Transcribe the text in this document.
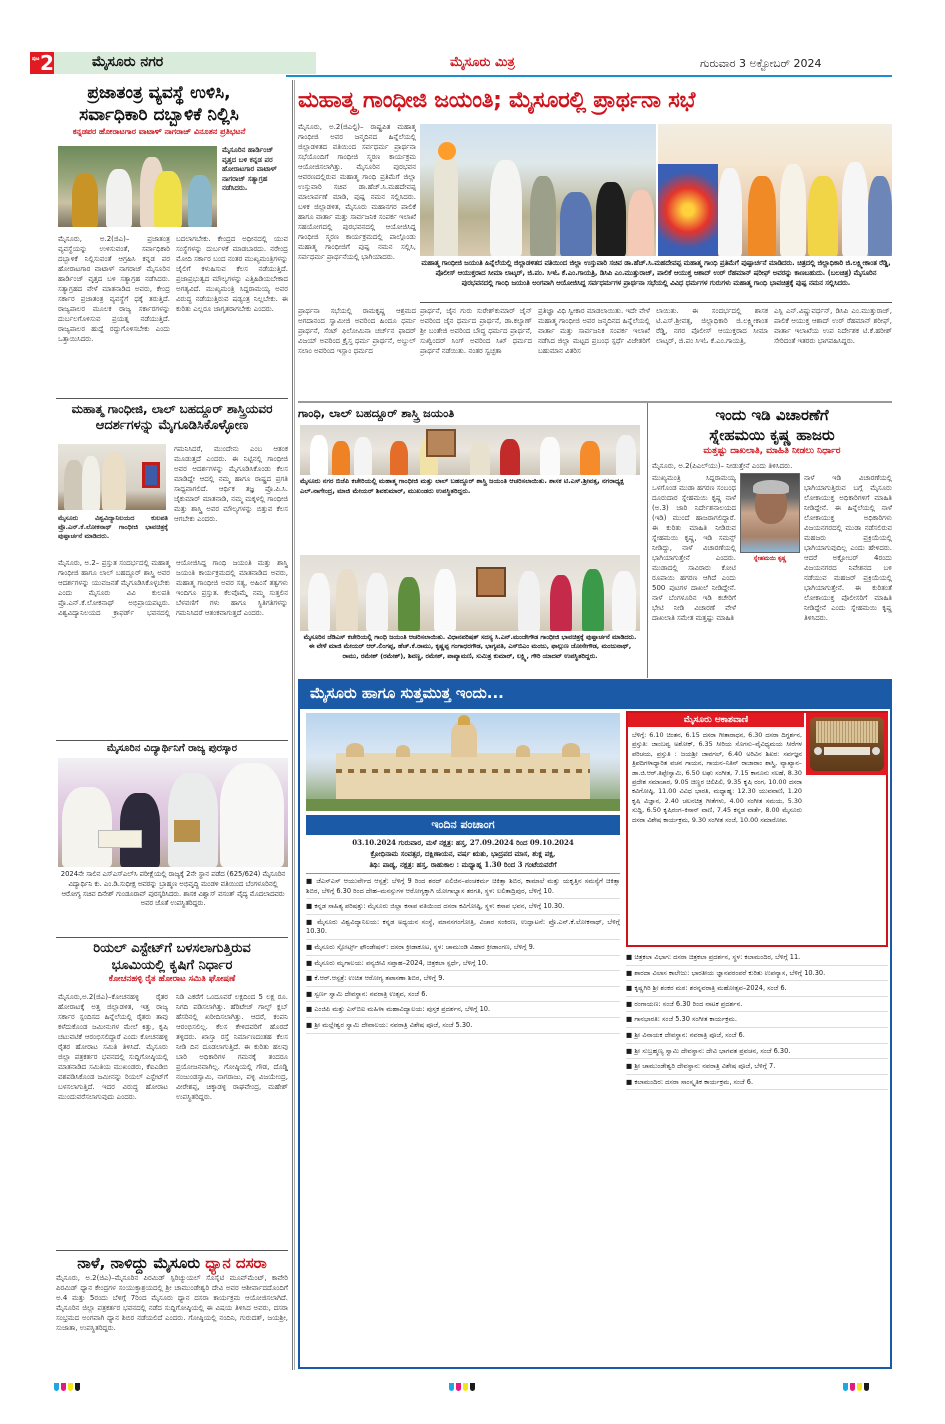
ಪುಟ 2	ಮೈಸೂರು ನಗರ	ಮೈಸೂರು ಮಿತ್ರ	ಗುರುವಾರ 3 ಅಕ್ಟೋಬರ್ 2024
ಪ್ರಜಾತಂತ್ರ ವ್ಯವಸ್ಥೆ ಉಳಿಸಿ,
ಸರ್ವಾಧಿಕಾರಿ ದಬ್ಬಾಳಿಕೆ ನಿಲ್ಲಿಸಿ
ಕನ್ನಡಪರ ಹೋರಾಟಗಾರ ವಾಟಾಳ್ ನಾಗರಾಜ್ ವಿನೂತನ ಪ್ರತಿಭಟನೆ
ಮೈಸೂರಿನ ಹಾರ್ಡಿಂಜ್ ವೃತ್ತದ ಬಳಿ ಕನ್ನಡ ಪರ ಹೋರಾಟಗಾರ ವಾಟಾಳ್ ನಾಗರಾಜ್ ಸತ್ಯಾಗ್ರಹ ನಡೆಸಿದರು.
ಮೈಸೂರು, ಅ.2(ಜಿಎ)– ಪ್ರಜಾತಂತ್ರ ವ್ಯವಸ್ಥೆಯನ್ನು ಉಳಿಸುವಂತೆ, ಸರ್ವಾಧಿಕಾರಿ ದಬ್ಬಾಳಿಕೆ ನಿಲ್ಲಿಸುವಂತೆ ಆಗ್ರಹಿಸಿ ಕನ್ನಡ ಪರ ಹೋರಾಟಗಾರ ವಾಟಾಳ್ ನಾಗರಾಜ್ ಮೈಸೂರಿನ ಹಾರ್ಡಿಂಜ್ ವೃತ್ತದ ಬಳಿ ಸತ್ಯಾಗ್ರಹ ನಡೆಸಿದರು. ಸತ್ಯಾಗ್ರಹದ ವೇಳೆ ಮಾತನಾಡಿದ ಅವರು, ಕೇಂದ್ರ ಸರ್ಕಾರ ಪ್ರಜಾತಂತ್ರ ವ್ಯವಸ್ಥೆಗೆ ಧಕ್ಕೆ ತರುತ್ತಿದೆ. ರಾಜ್ಯಪಾಲರ ಮೂಲಕ ರಾಜ್ಯ ಸರ್ಕಾರಗಳನ್ನು ದುರ್ಬಲಗೊಳಿಸುವ ಪ್ರಯತ್ನ ನಡೆಯುತ್ತಿದೆ. ರಾಜ್ಯಪಾಲರ ಹುದ್ದೆ ರದ್ದುಗೊಳಿಸಬೇಕು ಎಂದು ಒತ್ತಾಯಿಸಿದರು.
ಬದಲಾಗಬೇಕು. ಕೇಂದ್ರದ ಅಧೀನದಲ್ಲಿ ಯುವ ಸಂಸ್ಥೆಗಳನ್ನು ದುರ್ಬಳಕೆ ಮಾಡಬಾರದು. ನರೇಂದ್ರ ಮೋದಿ ಸರ್ಕಾರ ಬಂದ ನಂತರ ಮುಖ್ಯಮಂತ್ರಿಗಳನ್ನು ಜೈಲಿಗೆ ಕಳುಹಿಸುವ ಕೆಲಸ ನಡೆಯುತ್ತಿದೆ. ಪ್ರಜಾಪ್ರಭುತ್ವದ ಮೌಲ್ಯಗಳನ್ನು ಎತ್ತಿಹಿಡಿಯಬೇಕಾದ ಅಗತ್ಯವಿದೆ. ಮುಖ್ಯಮಂತ್ರಿ ಸಿದ್ದರಾಮಯ್ಯ ಅವರ ವಿರುದ್ಧ ನಡೆಯುತ್ತಿರುವ ಷಡ್ಯಂತ್ರ ನಿಲ್ಲಬೇಕು. ಈ ಕುರಿತು ಎಲ್ಲರೂ ಜಾಗೃತರಾಗಬೇಕು ಎಂದರು.
ಮಹಾತ್ಮ ಗಾಂಧೀಜಿ, ಲಾಲ್ ಬಹದ್ದೂರ್ ಶಾಸ್ತ್ರಿಯವರ
ಆದರ್ಶಗಳನ್ನು ಮೈಗೂಡಿಸಿಕೊಳ್ಳೋಣ
ಗಮನಿಸಿದರೆ, ಮುಂದೇನು ಎಂಬ ಆತಂಕ ಮೂಡುತ್ತದೆ ಎಂದರು. ಈ ನಿಟ್ಟಿನಲ್ಲಿ ಗಾಂಧೀಜಿ ಅವರ ಆದರ್ಶಗಳನ್ನು ಮೈಗೂಡಿಸಿಕೊಂಡು ಕೆಲಸ ಮಾಡಿದ್ದೇ ಆದಲ್ಲಿ ನಮ್ಮ ಹಾಗೂ ರಾಷ್ಟ್ರದ ಪ್ರಗತಿ ಸಾಧ್ಯವಾಗಲಿದೆ. ಆರ್ಥಿಕ ತಜ್ಞ ಪ್ರೊ.ಪಿ.ಸಿ. ಜೈಕುಮಾರ್ ಮಾತನಾಡಿ, ನಮ್ಮ ಮಕ್ಕಳಲ್ಲಿ ಗಾಂಧೀಜಿ ಮತ್ತು ಶಾಸ್ತ್ರಿ ಅವರ ಮೌಲ್ಯಗಳನ್ನು ಬಿತ್ತುವ ಕೆಲಸ ಆಗಬೇಕು ಎಂದರು.
ಮೈಸೂರು ವಿಶ್ವವಿದ್ಯಾನಿಲಯದ ಕುಲಪತಿ ಪ್ರೊ.ಎನ್.ಕೆ.ಲೋಕನಾಥ್ ಗಾಂಧೀಜಿ ಭಾವಚಿತ್ರಕ್ಕೆ ಪುಷ್ಪಾರ್ಚನೆ ಮಾಡಿದರು.
ಮೈಸೂರು, ಅ.2– ಪ್ರಸ್ತುತ ಸಂದರ್ಭದಲ್ಲಿ ಮಹಾತ್ಮ ಗಾಂಧೀಜಿ ಹಾಗೂ ಲಾಲ್ ಬಹದ್ದೂರ್ ಶಾಸ್ತ್ರಿ ಅವರ ಆದರ್ಶಗಳನ್ನು ಯುವಜನತೆ ಮೈಗೂಡಿಸಿಕೊಳ್ಳಬೇಕು ಎಂದು ಮೈಸೂರು ವಿವಿ ಕುಲಪತಿ ಪ್ರೊ.ಎನ್.ಕೆ.ಲೋಕನಾಥ್ ಅಭಿಪ್ರಾಯಪಟ್ಟರು. ವಿಶ್ವವಿದ್ಯಾನಿಲಯದ ಕ್ರಾಫರ್ಡ್ ಭವನದಲ್ಲಿ ಆಯೋಜಿಸಿದ್ದ ಗಾಂಧಿ ಜಯಂತಿ ಮತ್ತು ಶಾಸ್ತ್ರಿ ಜಯಂತಿ ಕಾರ್ಯಕ್ರಮದಲ್ಲಿ ಮಾತನಾಡಿದ ಅವರು, ಮಹಾತ್ಮ ಗಾಂಧೀಜಿ ಅವರ ಸತ್ಯ, ಅಹಿಂಸೆ ತತ್ವಗಳು ಇಂದಿಗೂ ಪ್ರಸ್ತುತ. ಕೆಲವೊಮ್ಮೆ ನಮ್ಮ ಸುತ್ತಲಿನ ಬೆಳವಣಿಗೆ ಗಳು ಹಾಗೂ ಸ್ಥಿತಿಗತಿಗಳನ್ನು ಗಮನಿಸಿದರೆ ಆತಂಕವಾಗುತ್ತದೆ ಎಂದರು.
ಮೈಸೂರಿನ ವಿದ್ಯಾರ್ಥಿನಿಗೆ ರಾಜ್ಯ ಪುರಸ್ಕಾರ
2024ನೇ ಸಾಲಿನ ಎಸ್‌ಎಸ್‌ಎಲ್‌ಸಿ ಪರೀಕ್ಷೆಯಲ್ಲಿ ರಾಜ್ಯಕ್ಕೆ 2ನೇ ಸ್ಥಾನ ಪಡೆದ (625/624) ಮೈಸೂರಿನ ವಿದ್ಯಾರ್ಥಿನಿ ಕು. ಎಂ.ಡಿ.ಸುಧೀಕ್ಷ ಅವರನ್ನು ಬ್ರಾಹ್ಮಣ ಅಭಿವೃದ್ಧಿ ಮಂಡಳಿ ವತಿಯಿಂದ ಬೆಂಗಳೂರಿನಲ್ಲಿ ಆರೋಗ್ಯ ಸಚಿವ ದಿನೇಶ್ ಗುಂಡೂರಾವ್ ಪುರಸ್ಕರಿಸಿದರು. ಶಾಸಕ ವಿಶ್ವಾಸ್ ವಸಂತ್ ವೈದ್ಯ ಮೊದಲಾದವರು ಅವರ ಜೊತೆ ಉಪಸ್ಥಿತರಿದ್ದರು.
ರಿಯಲ್ ಎಸ್ಟೇಟ್‌ಗೆ ಬಳಸಲಾಗುತ್ತಿರುವ
ಭೂಮಿಯಲ್ಲಿ ಕೃಷಿಗೆ ನಿರ್ಧಾರ
ಕೋಚನಹಳ್ಳಿ ರೈತ ಹೋರಾಟ ಸಮಿತಿ ಘೋಷಣೆ
ಮೈಸೂರು,ಅ.2(ಜಿಎ)–ಕೋಚನಹಳ್ಳಿ ರೈತರ ಹೋರಾಟಕ್ಕೆ ಅತ್ತ ಜಿಲ್ಲಾಡಳಿತ, ಇತ್ತ ರಾಜ್ಯ ಸರ್ಕಾರ ಸ್ಪಂದಿಸದ ಹಿನ್ನೆಲೆಯಲ್ಲಿ ರೈತರು ತಾವು ಕಳೆದುಕೊಂಡ ಜಮೀನುಗಳ ಮೇಲೆ ಕಿತ್ತು, ಕೃಷಿ ಚಟುವಟಿಕೆ ಆರಂಭಿಸಲಿದ್ದಾರೆ ಎಂದು ಕೋಚನಹಳ್ಳಿ ರೈತರ ಹೋರಾಟ ಸಮಿತಿ ತಿಳಿಸಿದೆ. ಮೈಸೂರು ಜಿಲ್ಲಾ ಪತ್ರಕರ್ತರ ಭವನದಲ್ಲಿ ಸುದ್ದಿಗೋಷ್ಠಿಯಲ್ಲಿ ಮಾತನಾಡಿದ ಸಮಿತಿಯ ಮುಖಂಡರು, ಕೆಐಎಡಿಬಿ ವಶಪಡಿಸಿಕೊಂಡ ಜಮೀನನ್ನು ರಿಯಲ್ ಎಸ್ಟೇಟ್‌ಗೆ ಬಳಸಲಾಗುತ್ತಿದೆ. ಇದರ ವಿರುದ್ಧ ಹೋರಾಟ ಮುಂದುವರೆಸಲಾಗುವುದು ಎಂದರು.
ನಿಡಿ ಎಕರೆಗೆ ಒಂದೂವರೆ ಲಕ್ಷದಿಂದ 5 ಲಕ್ಷ ರೂ. ನಿಗದಿ ಪಡಿಸಲಾಗಿತ್ತು. ಹೆರಿಟೇಜ್ ಗಾಲ್ಫ್ ಕ್ಲಬ್ ಹೆಸರಿನಲ್ಲಿ ಖರೀದಿಸಲಾಗಿತ್ತು. ಆದರೆ, ಕಂಪನಿ ಆರಂಭಿಸಲಿಲ್ಲ. ಕೆಲಸ ಕೇಳಿದವರಿಗೆ ಹೊರದೆ ತಳ್ಳಿದರು. ಖಾಸ್ತಾ ರಸ್ತೆ ನಿರ್ಮಾಣದಂತಹ ಕೆಲಸ ನೀಡಿ ದಿನ ದೂಡಲಾಗುತ್ತಿದೆ. ಈ ಕುರಿತು ಹಲವು ಬಾರಿ ಅಧಿಕಾರಿಗಳ ಗಮನಕ್ಕೆ ತಂದರೂ ಪ್ರಯೋಜನವಾಗಿಲ್ಲ. ಗೋಷ್ಠಿಯಲ್ಲಿ ಗೌಡ, ದೊಡ್ಡಿ ನಂಜುಂಡಸ್ವಾಮಿ, ನಾಗರಾಜು, ಪಳ್ಳಿ ವಿಜಯೇಂದ್ರ, ವೀರೇಶಪ್ಪ, ಚಿಕ್ಕಾಡಳ್ಳಿ ರಾಘವೇಂದ್ರ, ಮಹೇಶ್ ಉಪಸ್ಥಿತರಿದ್ದರು.
ನಾಳೆ, ನಾಳಿದ್ದು ಮೈಸೂರು ಧ್ಯಾನ ದಸರಾ
ಮೈಸೂರು, ಅ.2(ಜಿಎ)–ಮೈಸೂರಿನ ಪಿರಮಿಡ್ ಸ್ಪಿರಿಚ್ಯುಯಲ್ ಸೊಸೈಟಿ ಮೂವ್‌ಮೆಂಟ್, ಕಾವೇರಿ ಪಿರಮಿಡ್ ಧ್ಯಾನ ಕೇಂದ್ರಗಳ ಸಂಯುಕ್ತಾಶ್ರಯದಲ್ಲಿ ಶ್ರೀ ಚಾಮುಂಡೇಶ್ವರಿ ದೇವಿ ಅವರ ಆಶೀರ್ವಾದದೊಂದಿಗೆ ಅ.4 ಮತ್ತು 5ರಂದು ಬೆಳಿಗ್ಗೆ 7ರಿಂದ ಮೈಸೂರು ಧ್ಯಾನ ದಸರಾ ಕಾರ್ಯಕ್ರಮ ಆಯೋಜಿಸಲಾಗಿದೆ. ಮೈಸೂರಿನ ಜಿಲ್ಲಾ ಪತ್ರಕರ್ತರ ಭವನದಲ್ಲಿ ನಡೆದ ಸುದ್ದಿಗೋಷ್ಠಿಯಲ್ಲಿ ಈ ವಿಷಯ ತಿಳಿಸಿದ ಅವರು, ದಸರಾ ಸಂಭ್ರಮದ ಅಂಗವಾಗಿ ಧ್ಯಾನ ಶಿಬಿರ ನಡೆಯಲಿದೆ ಎಂದರು. ಗೋಷ್ಠಿಯಲ್ಲಿ ನಂದಿನಿ, ಗುರುದತ್, ಜಯಶ್ರೀ, ಸುಜಾತಾ, ಉಪಸ್ಥಿತರಿದ್ದರು.
ಮಹಾತ್ಮ ಗಾಂಧೀಜಿ ಜಯಂತಿ; ಮೈಸೂರಲ್ಲಿ ಪ್ರಾರ್ಥನಾ ಸಭೆ
ಮೈಸೂರು, ಅ.2(ಜಿಎಲ್ಟಿ)– ರಾಷ್ಟ್ರಪಿತ ಮಹಾತ್ಮ ಗಾಂಧೀಜಿ ಅವರ ಜನ್ಮದಿನದ ಹಿನ್ನೆಲೆಯಲ್ಲಿ ಜಿಲ್ಲಾಡಳಿತದ ವತಿಯಿಂದ ಸರ್ವಧರ್ಮ ಪ್ರಾರ್ಥನಾ ಸಭೆಯೊಂದಿಗೆ ಗಾಂಧೀಜಿ ಸ್ಮರಣ ಕಾರ್ಯಕ್ರಮ ಆಯೋಜಿಸಲಾಗಿತ್ತು. ಮೈಸೂರಿನ ಪುರಭವನ ಆವರಣದಲ್ಲಿರುವ ಮಹಾತ್ಮ ಗಾಂಧಿ ಪ್ರತಿಮೆಗೆ ಜಿಲ್ಲಾ ಉಸ್ತುವಾರಿ ಸಚಿವ ಡಾ.ಹೆಚ್.ಸಿ.ಮಹದೇವಪ್ಪ ಮಾಲಾರ್ಪಣೆ ಮಾಡಿ, ಪುಷ್ಪ ನಮನ ಸಲ್ಲಿಸಿದರು. ಬಳಿಕ ಜಿಲ್ಲಾಡಳಿತ, ಮೈಸೂರು ಮಹಾನಗರ ಪಾಲಿಕೆ ಹಾಗೂ ವಾರ್ತಾ ಮತ್ತು ಸಾರ್ವಜನಿಕ ಸಂಪರ್ಕ ಇಲಾಖೆ ಸಹಯೋಗದಲ್ಲಿ ಪುರಭವನದಲ್ಲಿ ಆಯೋಜಿಸಿದ್ದ ಗಾಂಧೀಜಿ ಸ್ಮರಣ ಕಾರ್ಯಕ್ರಮದಲ್ಲಿ ಪಾಲ್ಗೊಂಡು ಮಹಾತ್ಮ ಗಾಂಧೀಜಿಗೆ ಪುಷ್ಪ ನಮನ ಸಲ್ಲಿಸಿ, ಸರ್ವಧರ್ಮ ಪ್ರಾರ್ಥನೆಯಲ್ಲಿ ಭಾಗಿಯಾದರು.
ಮಹಾತ್ಮ ಗಾಂಧೀಜಿ ಜಯಂತಿ ಹಿನ್ನೆಲೆಯಲ್ಲಿ ಜಿಲ್ಲಾಡಳಿತದ ವತಿಯಿಂದ ಜಿಲ್ಲಾ ಉಸ್ತುವಾರಿ ಸಚಿವ ಡಾ.ಹೆಚ್.ಸಿ.ಮಹದೇವಪ್ಪ ಮಹಾತ್ಮ ಗಾಂಧಿ ಪ್ರತಿಮೆಗೆ ಪುಷ್ಪಾರ್ಚನೆ ಮಾಡಿದರು. ಚಿತ್ರದಲ್ಲಿ ಜಿಲ್ಲಾಧಿಕಾರಿ ಜಿ.ಲಕ್ಷ್ಮೀಕಾಂತ ರೆಡ್ಡಿ, ಪೊಲೀಸ್ ಆಯುಕ್ತರಾದ ಸೀಮಾ ಲಾಟ್ಕರ್, ಜಿ.ಪಂ. ಸಿಇಓ ಕೆ.ಎಂ.ಗಾಯತ್ರಿ, ಡಿಸಿಪಿ ಎಂ.ಮುತ್ತುರಾಜ್, ಪಾಲಿಕೆ ಆಯುಕ್ತ ಆಶಾದ್ ಉರ್ ರೆಹಮಾನ್ ಷರೀಫ್ ಅವರನ್ನು ಕಾಣಬಹುದು. (ಬಲಚಿತ್ರ) ಮೈಸೂರಿನ ಪುರಭವನದಲ್ಲಿ ಗಾಂಧಿ ಜಯಂತಿ ಅಂಗವಾಗಿ ಆಯೋಜಿಸಿದ್ದ ಸರ್ವಧರ್ಮಗಳ ಪ್ರಾರ್ಥನಾ ಸಭೆಯಲ್ಲಿ ವಿವಿಧ ಧರ್ಮಗಳ ಗುರುಗಳು ಮಹಾತ್ಮ ಗಾಂಧಿ ಭಾವಚಿತ್ರಕ್ಕೆ ಪುಷ್ಪ ನಮನ ಸಲ್ಲಿಸಿದರು.
ಪ್ರಾರ್ಥನಾ ಸಭೆಯಲ್ಲಿ ರಾಮಕೃಷ್ಣ ಆಶ್ರಮದ ಅಗದಾನಂದ ಸ್ವಾಮೀಜಿ ಅವರಿಂದ ಹಿಂದೂ ಧರ್ಮ ಪ್ರಾರ್ಥನೆ, ಸೆಂಟ್ ಫಿಲೋಮಿನಾ ಚರ್ಚ್‌ನ ಫಾದರ್ ವಿಜಯ್ ಅವರಿಂದ ಕ್ರೈಸ್ತ ಧರ್ಮ ಪ್ರಾರ್ಥನೆ, ಅಬ್ದುಲ್ ಸಲಾಂ ಅವರಿಂದ ಇಸ್ಲಾಂ ಧರ್ಮದ
ಪ್ರಾರ್ಥನೆ, ಜೈನ ಗುರು ಸುರೇಶ್‌ಕುಮಾರ್ ಜೈನ್ ಅವರಿಂದ ಜೈನ ಧರ್ಮದ ಪ್ರಾರ್ಥನೆ, ಡಾ.ಕಲ್ಯಾಣ್ ಶ್ರೀ ಬಂತೇಜಿ ಅವರಿಂದ ಬೌದ್ಧ ಧರ್ಮದ ಪ್ರಾರ್ಥನೆ, ಸುಖ್ವಿಂದರ್ ಸಿಂಗ್ ಅವರಿಂದ ಸಿಖ್ ಧರ್ಮದ ಪ್ರಾರ್ಥನೆ ನಡೆಯಿತು. ನಂತರ ಸ್ವಚ್ಛತಾ
ಪ್ರತಿಜ್ಞಾ ವಿಧಿ ಸ್ವೀಕಾರ ಮಾಡಲಾಯಿತು. ಇದೇ ವೇಳೆ ಮಹಾತ್ಮ ಗಾಂಧೀಜಿ ಅವರ ಜನ್ಮದಿನದ ಹಿನ್ನೆಲೆಯಲ್ಲಿ ವಾರ್ತಾ ಮತ್ತು ಸಾರ್ವಜನಿಕ ಸಂಪರ್ಕ ಇಲಾಖೆ ನಡೆಸಿದ ಜಿಲ್ಲಾ ಮಟ್ಟದ ಪ್ರಬಂಧ ಸ್ಪರ್ಧೆ ವಿಜೇತರಿಗೆ ಬಹುಮಾನ ವಿತರಿಸ
ಲಾಯಿತು. ಈ ಸಂದರ್ಭದಲ್ಲಿ ಶಾಸಕ ಟಿ.ಎಸ್.ಶ್ರೀವತ್ಸ, ಜಿಲ್ಲಾಧಿಕಾರಿ ಜಿ.ಲಕ್ಷ್ಮೀಕಾಂತ ರೆಡ್ಡಿ, ನಗರ ಪೊಲೀಸ್ ಆಯುಕ್ತರಾದ ಸೀಮಾ ಲಾಟ್ಕರ್, ಜಿ.ಪಂ ಸಿಇಓ ಕೆ.ಎಂ.ಗಾಯತ್ರಿ,
ಎಸ್ಪಿ ಎನ್.ವಿಷ್ಣುವರ್ಧನ್, ಡಿಸಿಪಿ ಎಂ.ಮುತ್ತುರಾಜ್, ಪಾಲಿಕೆ ಆಯುಕ್ತ ಆಶಾದ್ ಉರ್ ರೆಹಮಾನ್ ಶರೀಫ್, ವಾರ್ತಾ ಇಲಾಖೆಯ ಉಪ ನಿರ್ದೇಶಕ ಟಿ.ಕೆ.ಹರೀಶ್ ಸೇರಿದಂತೆ ಇತರರು ಭಾಗವಹಿಸಿದ್ದರು.
ಗಾಂಧಿ, ಲಾಲ್ ಬಹದ್ದೂರ್ ಶಾಸ್ತ್ರಿ ಜಯಂತಿ
ಮೈಸೂರು ನಗರ ಬಿಜೆಪಿ ಕಚೇರಿಯಲ್ಲಿ ಮಹಾತ್ಮ ಗಾಂಧೀಜಿ ಮತ್ತು ಲಾಲ್ ಬಹದ್ದೂರ್ ಶಾಸ್ತ್ರಿ ಜಯಂತಿ ಆಚರಿಸಲಾಯಿತು. ಶಾಸಕ ಟಿ.ಎಸ್.ಶ್ರೀವತ್ಸ, ನಗರಾಧ್ಯಕ್ಷ ಎಲ್.ನಾಗೇಂದ್ರ, ಮಾಜಿ ಮೇಯರ್ ಶಿವಕುಮಾರ್, ಮುಖಂಡರು ಉಪಸ್ಥಿತರಿದ್ದರು.
ಮೈಸೂರಿನ ಜೆಡಿಎಸ್ ಕಚೇರಿಯಲ್ಲಿ ಗಾಂಧಿ ಜಯಂತಿ ಆಚರಿಸಲಾಯಿತು. ವಿಧಾನಪರಿಷತ್ ಸದಸ್ಯ ಸಿ.ಎನ್.ಮಂಜೇಗೌಡ ಗಾಂಧೀಜಿ ಭಾವಚಿತ್ರಕ್ಕೆ ಪುಷ್ಪಾರ್ಚನೆ ಮಾಡಿದರು. ಈ ವೇಳೆ ಮಾಜಿ ಮೇಯರ್ ಆರ್.ಲಿಂಗಪ್ಪ, ಹೆಚ್.ಕೆ.ರಾಮು, ಕೃಷ್ಣಪ್ಪ ಗಂಗಾಧರಗೌಡ, ಭಾಗ್ಯವತಿ, ಎಸ್‌ಬಿಎಂ ಮಂಜು, ಫಾಲ್ಗುಣ ಜೋಸೇಗೌಡ, ಮಂಜುನಾಥ್, ರಾಮು, ರಮೇಶ್ (ರಮೇಶ್), ಶಿವಣ್ಣ, ರಮೇಶ್, ಪಾಪ್ಯಾಮಣಿ, ಸುಮಿತ್ರ ಕುಮಾರ್, ಲಕ್ಷ್ಮಿ, ಗೌರಿ ಯಾದವ್ ಉಪಸ್ಥಿತರಿದ್ದರು.
ಇಂದು ಇಡಿ ವಿಚಾರಣೆಗೆ
ಸ್ನೇಹಮಯಿ ಕೃಷ್ಣ ಹಾಜರು
ಮತ್ತಷ್ಟು ದಾಖಲಾತಿ, ಮಾಹಿತಿ ನೀಡಲು ನಿರ್ಧಾರ
ಮೈಸೂರು, ಅ.2(ಪಿಎಲ್‌ಯು)– ನೀಡುತ್ತೇನೆ ಎಂದು ತಿಳಿಸಿದರು.
ಸ್ನೇಹಮಯಿ ಕೃಷ್ಣ
ಮುಖ್ಯಮಂತ್ರಿ ಸಿದ್ದರಾಮಯ್ಯ ಒಳಗೊಂಡ ಮುಡಾ ಹಗರಣ ಸಂಬಂಧ ದೂರುದಾರ ಸ್ನೇಹಮಯಿ ಕೃಷ್ಣ ನಾಳೆ (ಅ.3) ಜಾರಿ ನಿರ್ದೇಶನಾಲಯದ (ಇಡಿ) ಮುಂದೆ ಹಾಜರಾಗಲಿದ್ದಾರೆ. ಈ ಕುರಿತು ಮಾಹಿತಿ ನೀಡಿರುವ ಸ್ನೇಹಮಯಿ ಕೃಷ್ಣ, ಇಡಿ ಸಮನ್ಸ್ ನೀಡಿದ್ದು, ನಾಳೆ ವಿಚಾರಣೆಯಲ್ಲಿ ಭಾಗಿಯಾಗುತ್ತೇನೆ ಎಂದರು. ಮುಡಾದಲ್ಲಿ ಸಾವಿರಾರು ಕೋಟಿ ರೂಪಾಯಿ ಹಗರಣ ಆಗಿದೆ ಎಂದು 500 ಪುಟಗಳ ದಾಖಲೆ ನೀಡಿದ್ದೇನೆ. ನಾಳೆ ಬೆಂಗಳೂರಿನ ಇಡಿ ಕಚೇರಿಗೆ ಭೇಟಿ ನೀಡಿ ವಿಚಾರಣೆ ವೇಳೆ ದಾಖಲಾತಿ ಸಮೇತ ಮತ್ತಷ್ಟು ಮಾಹಿತಿ
ನಾಳೆ ಇಡಿ ವಿಚಾರಣೆಯಲ್ಲಿ ಭಾಗಿಯಾಗುತ್ತಿರುವ ಬಗ್ಗೆ ಮೈಸೂರು ಲೋಕಾಯುಕ್ತ ಅಧಿಕಾರಿಗಳಿಗೆ ಮಾಹಿತಿ ನೀಡಿದ್ದೇನೆ. ಈ ಹಿನ್ನೆಲೆಯಲ್ಲಿ ನಾಳೆ ಲೋಕಾಯುಕ್ತ ಅಧಿಕಾರಿಗಳು ವಿಜಯನಗರದಲ್ಲಿ ಮುಡಾ ನಡೆಸಲಿರುವ ಮಹಜರು ಪ್ರಕ್ರಿಯೆಯಲ್ಲಿ ಭಾಗಿಯಾಗುವುದಿಲ್ಲ ಎಂದು ಹೇಳಿದರು. ಆದರೆ ಅಕ್ಟೋಬರ್ 4ರಂದು ವಿಜಯನಗರದ ನಿವೇಶನದ ಬಳಿ ನಡೆಯುವ ಮಹಜರ್ ಪ್ರಕ್ರಿಯೆಯಲ್ಲಿ ಭಾಗಿಯಾಗುತ್ತೇನೆ. ಈ ಕುರಿತಂತೆ ಲೋಕಾಯುಕ್ತ ಪೊಲೀಸರಿಗೆ ಮಾಹಿತಿ ನೀಡಿದ್ದೇನೆ ಎಂದು ಸ್ನೇಹಮಯಿ ಕೃಷ್ಣ ತಿಳಿಸಿದರು.
ಮೈಸೂರು ಹಾಗೂ ಸುತ್ತಮುತ್ತ ಇಂದು...
ಇಂದಿನ ಪಂಚಾಂಗ
03.10.2024 ಗುರುವಾರ, ಮಳೆ ನಕ್ಷತ್ರ: ಹಸ್ತ, 27.09.2024 ರಿಂದ 09.10.2024
ಕ್ರೋಧಿನಾಮ ಸಂವತ್ಸರ, ದಕ್ಷಿಣಾಯನ, ವರ್ಷ ಋತು, ಭಾದ್ರಪದ ಮಾಸ, ಶುಕ್ಲ ಪಕ್ಷ,
ತಿಥಿ: ಪಾಡ್ಯ, ನಕ್ಷತ್ರ: ಹಸ್ತ, ರಾಹುಕಾಲ : ಮಧ್ಯಾಹ್ನ 1.30 ರಿಂದ 3 ಗಂಟೆಯವರೆಗೆ
■ ಜೆಎಸ್ಎಸ್ ಆಯುರ್ವೇದ ಆಸ್ಪತ್ರೆ: ಬೆಳಿಗ್ಗೆ 9 ರಿಂದ ಶರದ್ ಏಲಿಜಿನ–ಪಂಚಕರ್ಮ ಚಿಕಿತ್ಸಾ ಶಿಬಿರ, ಕಾಮಾಲೆ ಮತ್ತು ಯಕೃತ್ತಿನ ಸಮಸ್ಯೆಗೆ ಚಿಕಿತ್ಸಾ ಶಿಬಿರ, ಬೆಳಿಗ್ಗೆ 6.30 ರಿಂದ ದೇಹ–ಮನಸ್ಸುಗಳ ಆರೋಗ್ಯಕ್ಕಾಗಿ ಯೋಗಾಭ್ಯಾಸ ತರಗತಿ, ಸ್ಥಳ: ಲಲಿತಾದ್ರಿಪುರ, ಬೆಳಿಗ್ಗೆ 10.
■ ಕನ್ನಡ ಸಾಹಿತ್ಯ ಪರಿಷತ್ತು: ಮೈಸೂರು ಜಿಲ್ಲಾ ಕಸಾಪ ವತಿಯಿಂದ ದಸರಾ ಕವಿಗೋಷ್ಠಿ, ಸ್ಥಳ: ಕಸಾಪ ಭವನ, ಬೆಳಿಗ್ಗೆ 10.30.
■ ಮೈಸೂರು ವಿಶ್ವವಿದ್ಯಾನಿಲಯ: ಕನ್ನಡ ಅಧ್ಯಯನ ಸಂಸ್ಥೆ, ಮಾನಸಗಂಗೋತ್ರಿ, ವಿಚಾರ ಸಂಕಿರಣ, ಉದ್ಘಾಟನೆ: ಪ್ರೊ.ಎನ್.ಕೆ.ಲೋಕನಾಥ್, ಬೆಳಿಗ್ಗೆ 10.30.
■ ಮೈಸೂರು ಸ್ಪೋರ್ಟ್ಸ್ ಫೌಂಡೇಷನ್: ದಸರಾ ಕ್ರೀಡಾಕೂಟ, ಸ್ಥಳ: ಚಾಮುಂಡಿ ವಿಹಾರ ಕ್ರೀಡಾಂಗಣ, ಬೆಳಿಗ್ಗೆ 9.
■ ಮೈಸೂರು ಮೃಗಾಲಯ: ವನ್ಯಜೀವಿ ಸಪ್ತಾಹ–2024, ಚಿತ್ರಕಲಾ ಸ್ಪರ್ಧೆ, ಬೆಳಿಗ್ಗೆ 10.
■ ಕೆ.ಆರ್.ಆಸ್ಪತ್ರೆ: ಉಚಿತ ಆರೋಗ್ಯ ತಪಾಸಣಾ ಶಿಬಿರ, ಬೆಳಿಗ್ಗೆ 9.
■ ಸ್ವರ್ಣ ಸ್ವಾಮಿ ದೇವಸ್ಥಾನ: ನವರಾತ್ರಿ ಉತ್ಸವ, ಸಂಜೆ 6.
■ ಎಂಜಿಪಿ ಮತ್ತು ಎಸ್‌ಬಿಐ ಮಹಿಳಾ ಮಹಾವಿದ್ಯಾಲಯ: ಪುಸ್ತಕ ಪ್ರದರ್ಶನ, ಬೆಳಿಗ್ಗೆ 10.
■ ಶ್ರೀ ಮಲ್ಲೇಶ್ವರ ಸ್ವಾಮಿ ದೇವಾಲಯ: ನವರಾತ್ರಿ ವಿಶೇಷ ಪೂಜೆ, ಸಂಜೆ 5.30.
ಮೈಸೂರು ಆಕಾಶವಾಣಿ
ಬೆಳಿಗ್ಗೆ: 6.10 ಚಿಂತನ, 6.15 ದಸರಾ ಗೀತಾರಾಧನ, 6.30 ದಸರಾ ದಿಗ್ದರ್ಶನ, ಪ್ರಸ್ತುತಿ: ಜಾಂಬವ್ವ ಅಶೋಕ್, 6.35 ಸೀರಿಯ ಸೊಗಸು–ವೈವಿಧ್ಯಮಯ ಸೀರೆಗಳ ಪರಿಚಯ, ಪ್ರಸ್ತುತಿ : ಜಯಶ್ರೀ ಜಾವಗಲ್, 6.40 ಅರಿವಿನ ಶಿಖರ: ಸರ್ವಜ್ಞನ ತ್ರಿಪದಿಗಳಾಧ್ಯಾರಿತ ವಚನ ಗಾಯನ, ಗಾಯನ–ನಿತಿನ್ ರಾಜಾರಾಂ ಶಾಸ್ತ್ರಿ, ವ್ಯಾಖ್ಯಾನ–ಡಾ.ಜಿ.ಆರ್.ತಿಪ್ಪೇಸ್ವಾಮಿ, 6.50 ಲಘು ಸಂಗೀತ, 7.15 ಕಾನೂನು ಸಲಹೆ, 8.30 ಪ್ರದೇಶ ಸಮಾಚಾರ, 9.05 ಚಿಣ್ಣರ ಚಿಲಿಪಿಲಿ, 9.35 ಕೃಷಿ ರಂಗ, 10.00 ದಸರಾ ಕವಿಗೋಷ್ಠಿ, 11.00 ವಿವಿಧ ಭಾರತಿ, ಮಧ್ಯಾಹ್ನ: 12.30 ಯುವವಾಣಿ, 1.20 ಕೃಷಿ ವಿಜ್ಞಾನ, 2.40 ಚಲನಚಿತ್ರ ಗೀತೆಗಳು, 4.00 ಸಂಗೀತ ಸಮಯ, 5.30 ಸುದ್ದಿ, 6.50 ಕೃಷಿರಂಗ–ಕಿಸಾನ್ ವಾಣಿ, 7.45 ಕನ್ನಡ ವಾರ್ತೆ, 8.00 ಮೈಸೂರು ದಸರಾ ವಿಶೇಷ ಕಾರ್ಯಕ್ರಮ, 9.30 ಸಂಗೀತ ಸಂಜೆ, 10.00 ಸಮಾರೋಪ.
■ ಚಿತ್ರಕಲಾ ವಿಭಾಗ: ದಸರಾ ಚಿತ್ರಕಲಾ ಪ್ರದರ್ಶನ, ಸ್ಥಳ: ಕಲಾಮಂದಿರ, ಬೆಳಿಗ್ಗೆ 11.
■ ಶಾರದಾ ವಿಲಾಸ ಕಾಲೇಜು: ಭಾರತೀಯ ಜ್ಞಾನಪರಂಪರೆ ಕುರಿತು ಉಪನ್ಯಾಸ, ಬೆಳಿಗ್ಗೆ 10.30.
■ ಕೃಷ್ಣಗಿರಿ ಶ್ರೀ ಶಂಕರ ಮಠ: ಶರನ್ನವರಾತ್ರಿ ಮಹೋತ್ಸವ–2024, ಸಂಜೆ 6.
■ ರಂಗಾಯಣ: ಸಂಜೆ 6.30 ರಿಂದ ನಾಟಕ ಪ್ರದರ್ಶನ.
■ ಗಾನಭಾರತಿ: ಸಂಜೆ 5.30 ಸಂಗೀತ ಕಾರ್ಯಕ್ರಮ.
■ ಶ್ರೀ ವಿನಾಯಕ ದೇವಸ್ಥಾನ: ನವರಾತ್ರಿ ಪೂಜೆ, ಸಂಜೆ 6.
■ ಶ್ರೀ ಸುಬ್ರಹ್ಮಣ್ಯ ಸ್ವಾಮಿ ದೇವಸ್ಥಾನ: ದೇವಿ ಭಾಗವತ ಪ್ರವಚನ, ಸಂಜೆ 6.30.
■ ಶ್ರೀ ಚಾಮುಂಡೇಶ್ವರಿ ದೇವಸ್ಥಾನ: ನವರಾತ್ರಿ ವಿಶೇಷ ಪೂಜೆ, ಬೆಳಿಗ್ಗೆ 7.
■ ಕಲಾಮಂದಿರ: ದಸರಾ ಸಾಂಸ್ಕೃತಿಕ ಕಾರ್ಯಕ್ರಮ, ಸಂಜೆ 6.
